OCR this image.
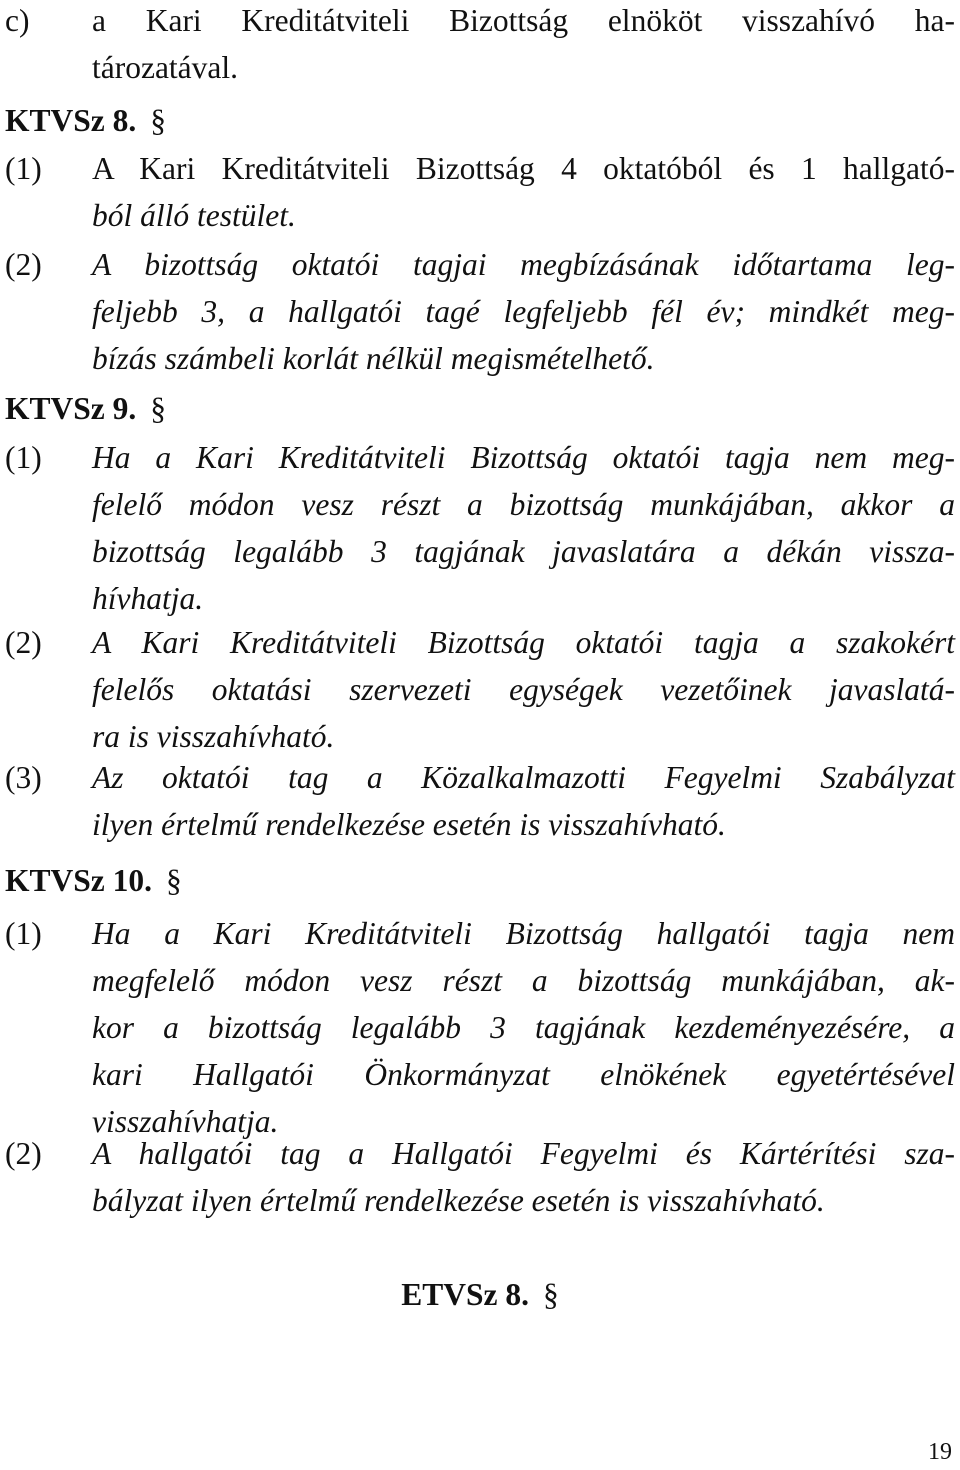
c) a Kari Kreditátviteli Bizottság elnököt visszahívó ha-
tározatával.
KTVSz 8. §
(1) A Kari Kreditátviteli Bizottság 4 oktatóból és 1 hallgató-
ból álló testület.
(2) A bizottság oktatói tagjai megbízásának időtartama leg-
feljebb 3, a hallgatói tagé legfeljebb fél év; mindkét meg-
bízás számbeli korlát nélkül megismételhető.
KTVSz 9. §
(1) Ha a Kari Kreditátviteli Bizottság oktatói tagja nem meg-
felelő módon vesz részt a bizottság munkájában, akkor a
bizottság legalább 3 tagjának javaslatára a dékán vissza-
hívhatja.
(2) A Kari Kreditátviteli Bizottság oktatói tagja a szakokért
felelős oktatási szervezeti egységek vezetőinek javaslatá-
ra is visszahívható.
(3) Az oktatói tag a Közalkalmazotti Fegyelmi Szabályzat
ilyen értelmű rendelkezése esetén is visszahívható.
KTVSz 10. §
(1) Ha a Kari Kreditátviteli Bizottság hallgatói tagja nem
megfelelő módon vesz részt a bizottság munkájában, ak-
kor a bizottság legalább 3 tagjának kezdeményezésére, a
kari Hallgatói Önkormányzat elnökének egyetértésével
visszahívhatja.
(2) A hallgatói tag a Hallgatói Fegyelmi és Kártérítési sza-
bályzat ilyen értelmű rendelkezése esetén is visszahívható.
ETVSz 8. §
19
